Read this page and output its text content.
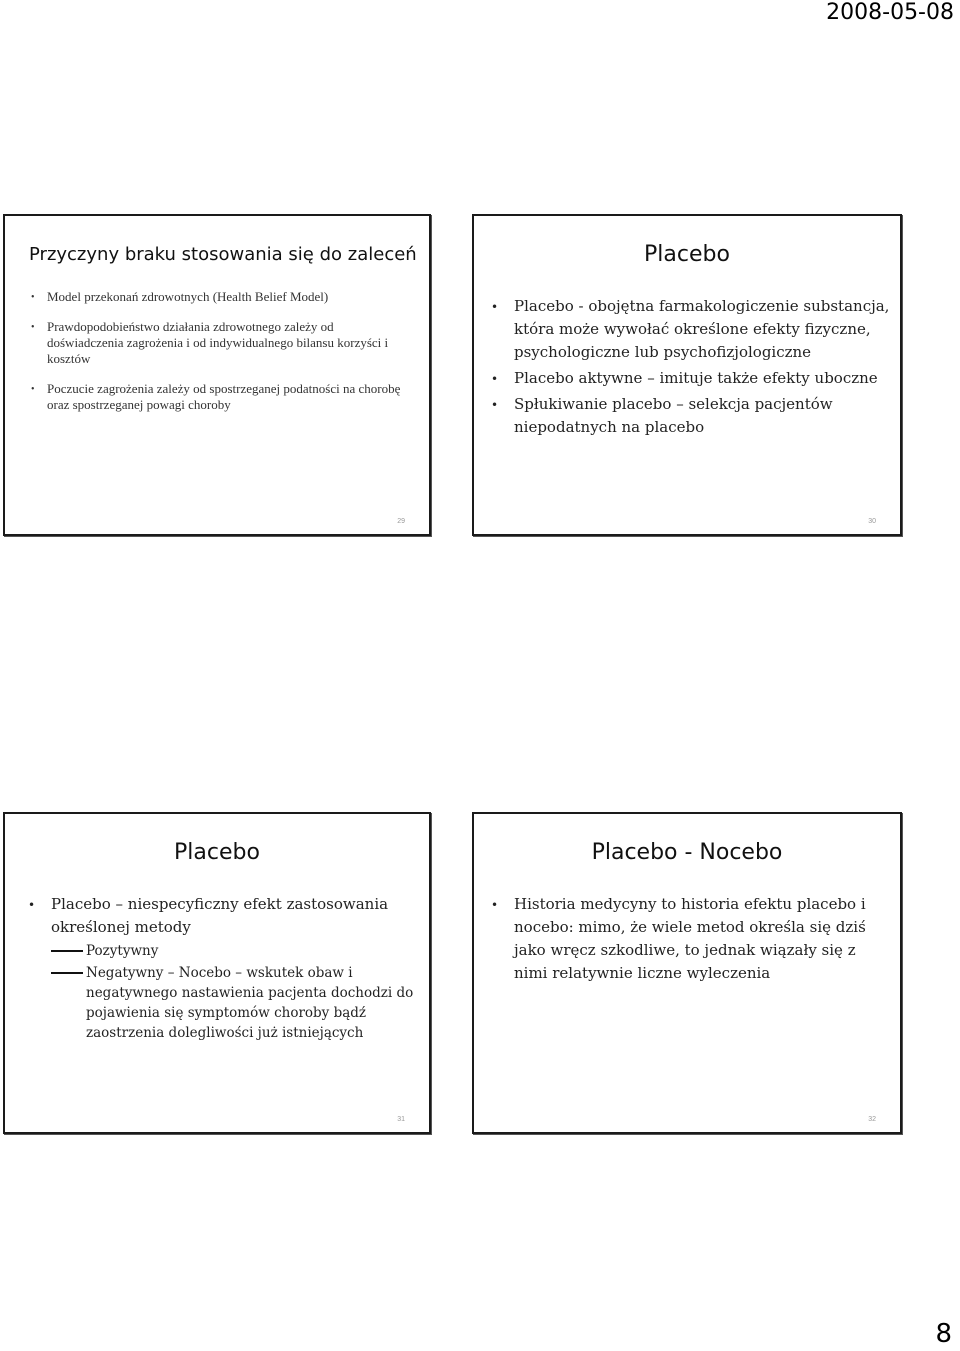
2008-05-08
Przyczyny braku stosowania się do zaleceń
• Model przekonań zdrowotnych (Health Belief Model)
• Prawdopodobieństwo działania zdrowotnego zależy od doświadczenia zagrożenia i od indywidualnego bilansu korzyści i kosztów
• Poczucie zagrożenia zależy od spostrzeganej podatności na chorobę oraz spostrzeganej powagi choroby
29
Placebo
• Placebo - obojętna farmakologiczenie substancja, która może wywołać określone efekty fizyczne, psychologiczne lub psychofizjologiczne
• Placebo aktywne – imituje także efekty uboczne
• Spłukiwanie placebo – selekcja pacjentów niepodatnych na placebo
30
Placebo
• Placebo – niespecyficzny efekt zastosowania określonej metody
Pozytywny
Negatywny – Nocebo – wskutek obaw i negatywnego nastawienia pacjenta dochodzi do pojawienia się symptomów choroby bądź zaostrzenia dolegliwości już istniejących
31
Placebo - Nocebo
• Historia medycyny to historia efektu placebo i nocebo: mimo, że wiele metod określa się dziś jako wręcz szkodliwe, to jednak wiązały się z nimi relatywnie liczne wyleczenia
32
8
